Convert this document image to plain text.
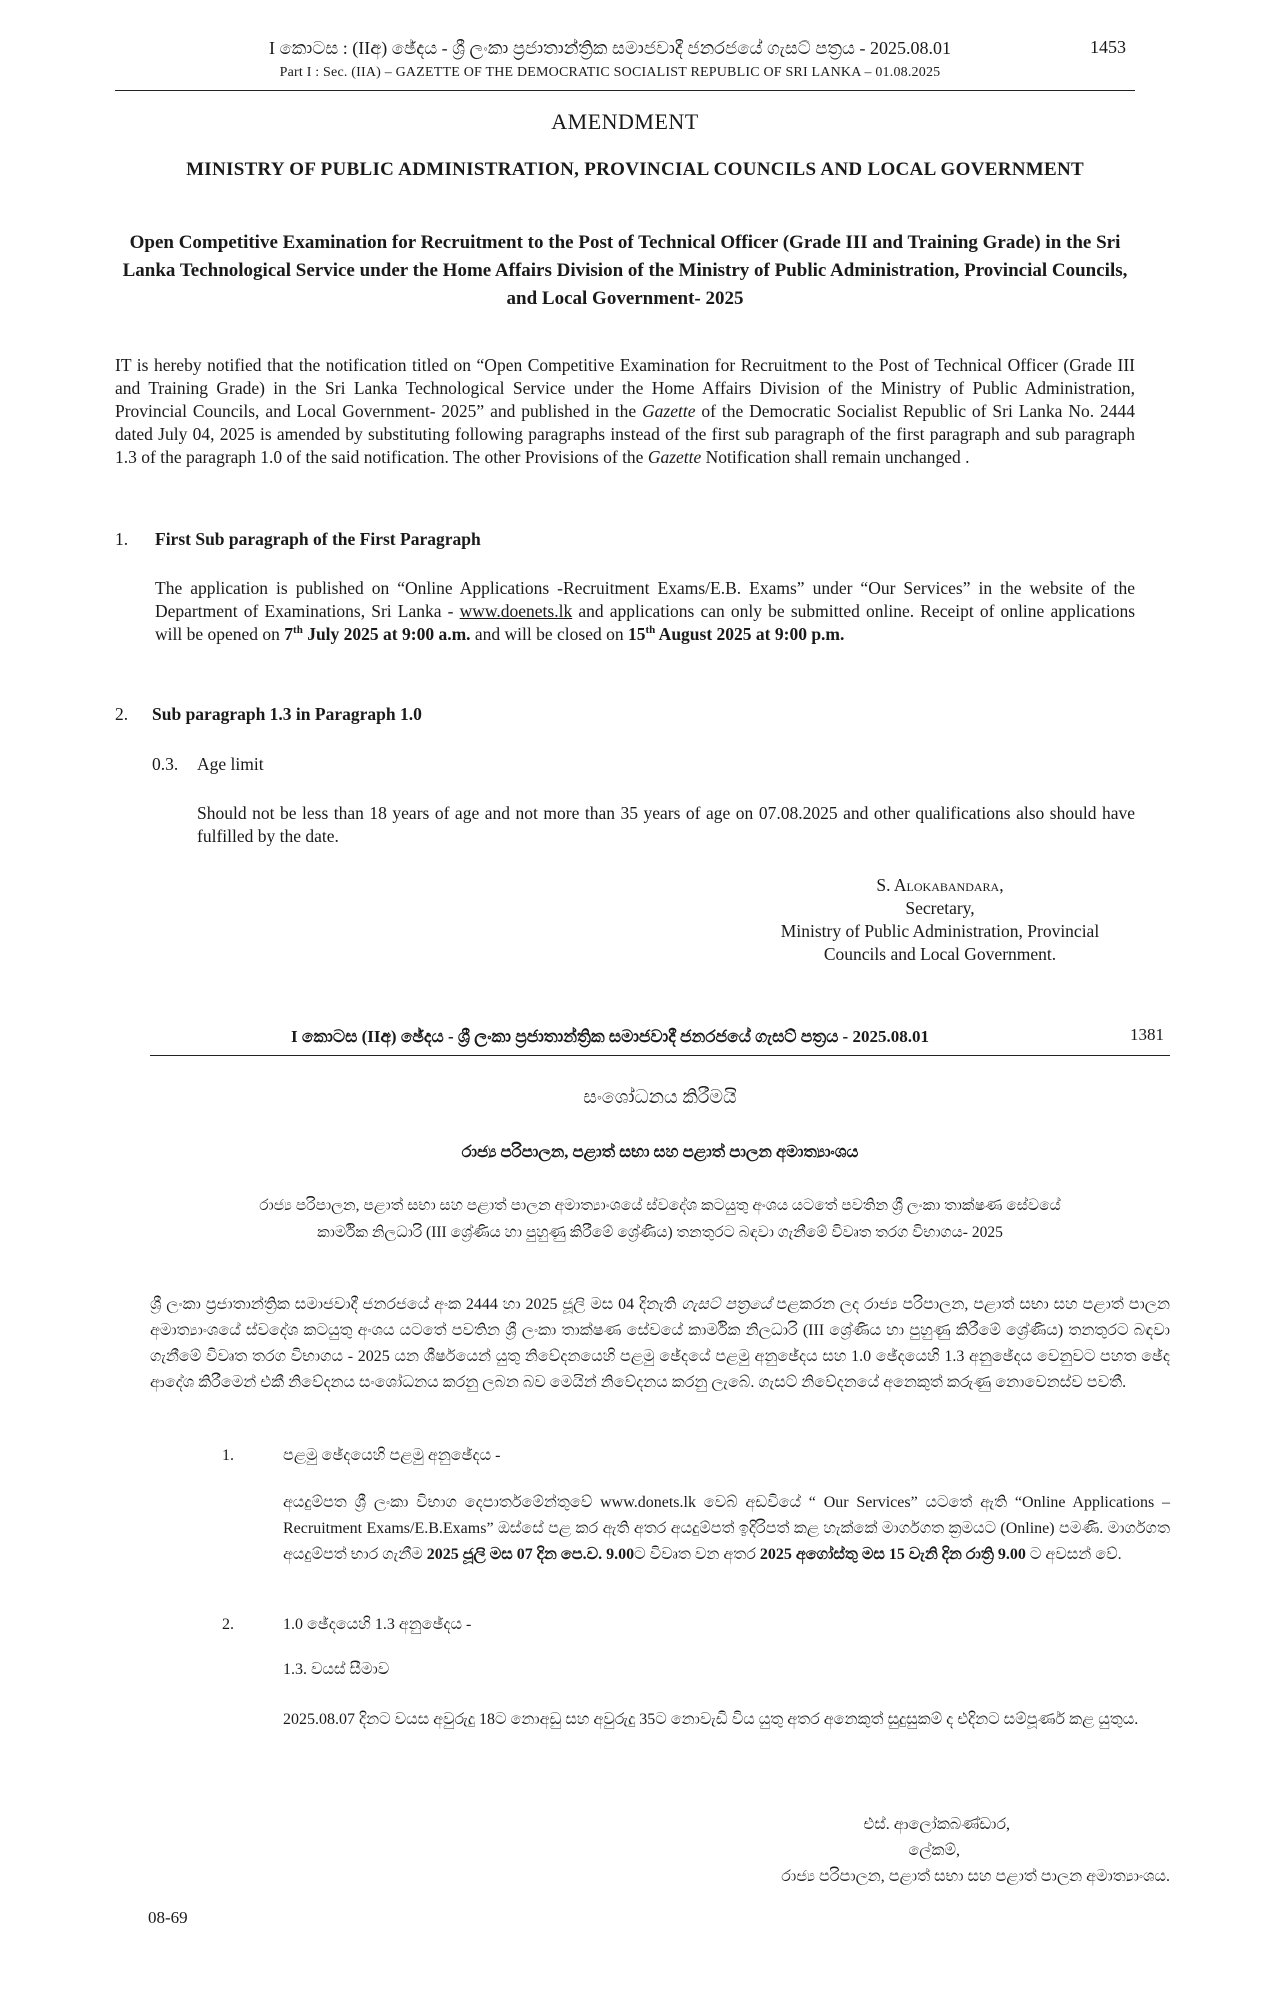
I කොටස : (IIඅ) ඡේදය - ශ්‍රී ලංකා ප්‍රජාතාන්ත්‍රික සමාජවාදී ජනරජයේ ගැසට් පත්‍රය - 2025.08.01	1453
Part I : Sec. (IIA) – GAZETTE OF THE DEMOCRATIC SOCIALIST REPUBLIC OF SRI LANKA – 01.08.2025
AMENDMENT
MINISTRY OF PUBLIC ADMINISTRATION, PROVINCIAL COUNCILS AND LOCAL GOVERNMENT
Open Competitive Examination for Recruitment to the Post of Technical Officer (Grade III and Training Grade) in the Sri Lanka Technological Service under the Home Affairs Division of the Ministry of Public Administration, Provincial Councils, and Local Government- 2025
IT is hereby notified that the notification titled on “Open Competitive Examination for Recruitment to the Post of Technical Officer (Grade III and Training Grade) in the Sri Lanka Technological Service under the Home Affairs Division of the Ministry of Public Administration, Provincial Councils, and Local Government- 2025” and published in the Gazette of the Democratic Socialist Republic of Sri Lanka No. 2444 dated July 04, 2025 is amended by substituting following paragraphs instead of the first sub paragraph of the first paragraph and sub paragraph 1.3 of the paragraph 1.0 of the said notification. The other Provisions of the Gazette Notification shall remain unchanged .
1. First Sub paragraph of the First Paragraph
The application is published on “Online Applications -Recruitment Exams/E.B. Exams” under “Our Services” in the website of the Department of Examinations, Sri Lanka - www.doenets.lk and applications can only be submitted online. Receipt of online applications will be opened on 7th July 2025 at 9:00 a.m. and will be closed on 15th August 2025 at 9:00 p.m.
2. Sub paragraph 1.3 in Paragraph 1.0
0.3. Age limit
Should not be less than 18 years of age and not more than 35 years of age on 07.08.2025 and other qualifications also should have fulfilled by the date.
S. Alokabandara,
Secretary,
Ministry of Public Administration, Provincial
Councils and Local Government.
I කොටස (IIඅ) ඡේදය - ශ්‍රී ලංකා ප්‍රජාතාන්ත්‍රික සමාජවාදී ජනරජයේ ගැසට් පත්‍රය - 2025.08.01	1381
සංශෝධනය කිරීමයි
රාජ්‍ය පරිපාලන, පළාත් සභා සහ පළාත් පාලන අමාත්‍යාංශය
රාජ්‍ය පරිපාලන, පළාත් සභා සහ පළාත් පාලන අමාත්‍යාංශයේ ස්වදේශ කටයුතු අංශය යටතේ පවතින ශ්‍රී ලංකා තාක්ෂණ සේවයේ
කාර්මික නිලධාරි (III ශ්‍රේණිය හා පුහුණු කිරීමේ ශ්‍රේණිය) තනතුරට බඳවා ගැනීමේ විවෘත තරග විභාගය- 2025
ශ්‍රී ලංකා ප්‍රජාතාන්ත්‍රික සමාජවාදී ජනරජයේ අංක 2444 හා 2025 ජූලි මස 04 දිනැති ගැසට් පත්‍රයේ පළකරන ලද රාජ්‍ය පරිපාලන, පළාත් සභා සහ පළාත් පාලන අමාත්‍යාංශයේ ස්වදේශ කටයුතු අංශය යටතේ පවතින ශ්‍රී ලංකා තාක්ෂණ සේවයේ කාර්මික නිලධාරි (III ශ්‍රේණිය හා පුහුණු කිරීමේ ශ්‍රේණිය) තනතුරට බඳවා ගැනීමේ විවෘත තරග විභාගය - 2025 යන ශීර්ෂයෙන් යුතු නිවේදනයෙහි පළමු ඡේදයේ පළමු අනුඡේදය සහ 1.0 ඡේදයෙහි 1.3 අනුඡේදය වෙනුවට පහත ඡේද ආදේශ කිරීමෙන් එකී නිවේදනය සංශෝධනය කරනු ලබන බව මෙයින් නිවේදනය කරනු ලැබේ. ගැසට් නිවේදනයේ අනෙකුත් කරුණු නොවෙනස්ව පවතී.
1.	පළමු ඡේදයෙහි පළමු අනුඡේදය -
අයදුම්පත ශ්‍රී ලංකා විභාග දෙපාර්තමේන්තුවේ www.donets.lk වෙබ් අඩවියේ “ Our Services” යටතේ ඇති “Online Applications – Recruitment Exams/E.B.Exams” ඔස්සේ පළ කර ඇති අතර අයදුම්පත් ඉදිරිපත් කළ හැක්කේ මාර්ගගත ක්‍රමයට (Online) පමණි. මාර්ගගත අයදුම්පත් භාර ගැනීම 2025 ජූලි මස 07 දින පෙ.ව. 9.00ට විවෘත වන අතර 2025 අගෝස්තු මස 15 වැනි දින රාත්‍රි 9.00 ට අවසන් වේ.
2.	1.0 ඡේදයෙහි 1.3 අනුඡේදය -
1.3. වයස් සීමාව
2025.08.07 දිනට වයස අවුරුදු 18ට නොඅඩු සහ අවුරුදු 35ට නොවැඩි විය යුතු අතර අනෙකුත් සුදුසුකම් ද එදිනට සම්පූර්ණ කළ යුතුය.
එස්. ආලෝකබණ්ඩාර,
ලේකම්,
රාජ්‍ය පරිපාලන, පළාත් සභා සහ පළාත් පාලන අමාත්‍යාංශය.
08-69
